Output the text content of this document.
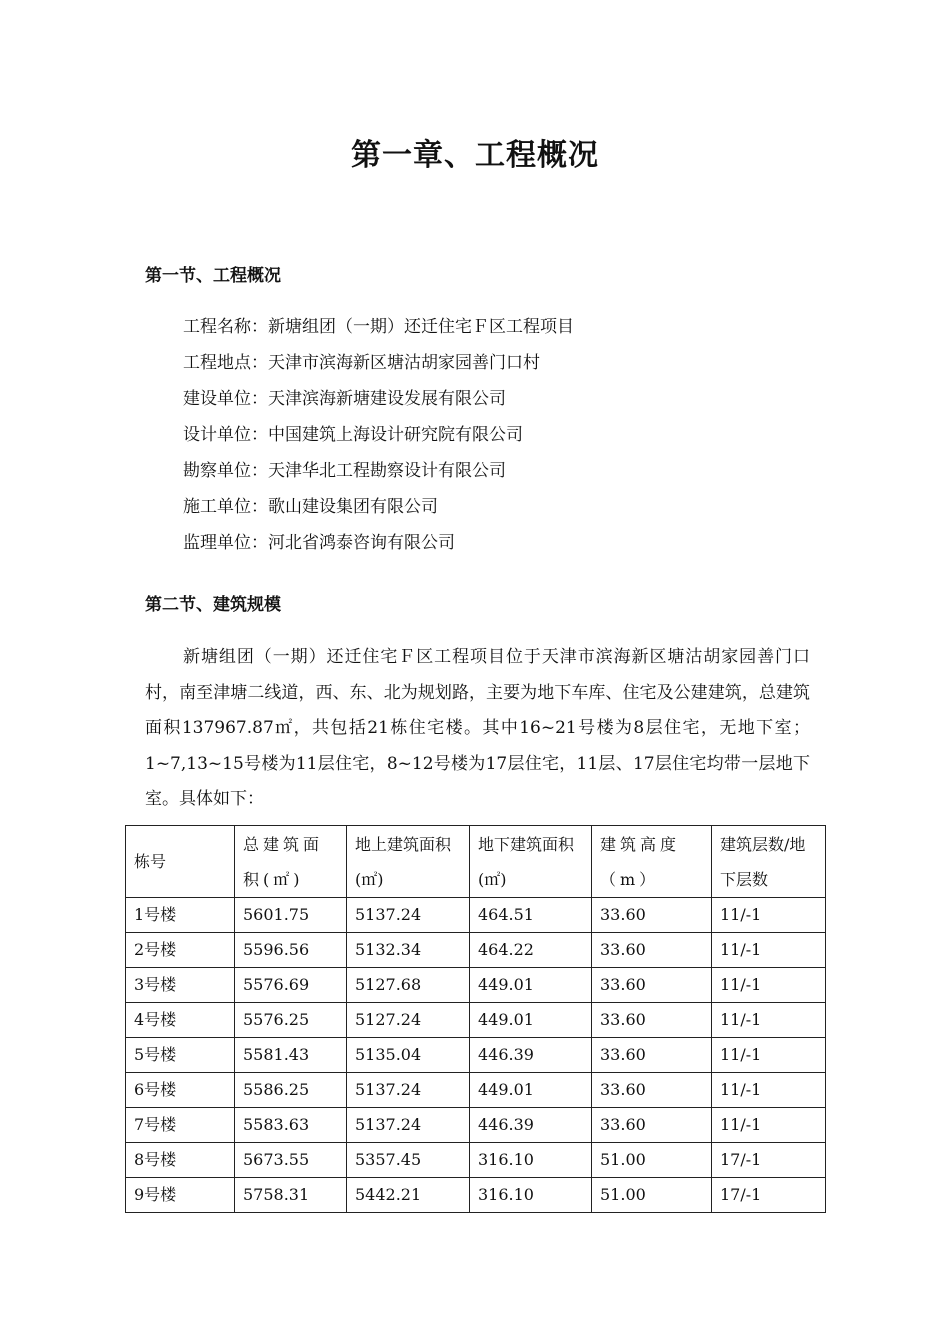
第一章、工程概况
第一节、工程概况
工程名称：新塘组团（一期）还迁住宅Ｆ区工程项目
工程地点：天津市滨海新区塘沽胡家园善门口村
建设单位：天津滨海新塘建设发展有限公司
设计单位：中国建筑上海设计研究院有限公司
勘察单位：天津华北工程勘察设计有限公司
施工单位：歌山建设集团有限公司
监理单位：河北省鸿泰咨询有限公司
第二节、建筑规模
新塘组团（一期）还迁住宅Ｆ区工程项目位于天津市滨海新区塘沽胡家园善门口村，南至津塘二线道，西、东、北为规划路，主要为地下车库、住宅及公建建筑，总建筑面积137967.87㎡，共包括21栋住宅楼。其中16~21号楼为8层住宅，无地下室；1~7,13~15号楼为11层住宅，8~12号楼为17层住宅，11层、17层住宅均带一层地下室。具体如下：
栋号	总建筑面积(㎡)	地上建筑面积(㎡)	地下建筑面积(㎡)	建筑高度（m）	建筑层数/地下层数
1号楼	5601.75	5137.24	464.51	33.60	11/-1
2号楼	5596.56	5132.34	464.22	33.60	11/-1
3号楼	5576.69	5127.68	449.01	33.60	11/-1
4号楼	5576.25	5127.24	449.01	33.60	11/-1
5号楼	5581.43	5135.04	446.39	33.60	11/-1
6号楼	5586.25	5137.24	449.01	33.60	11/-1
7号楼	5583.63	5137.24	446.39	33.60	11/-1
8号楼	5673.55	5357.45	316.10	51.00	17/-1
9号楼	5758.31	5442.21	316.10	51.00	17/-1
